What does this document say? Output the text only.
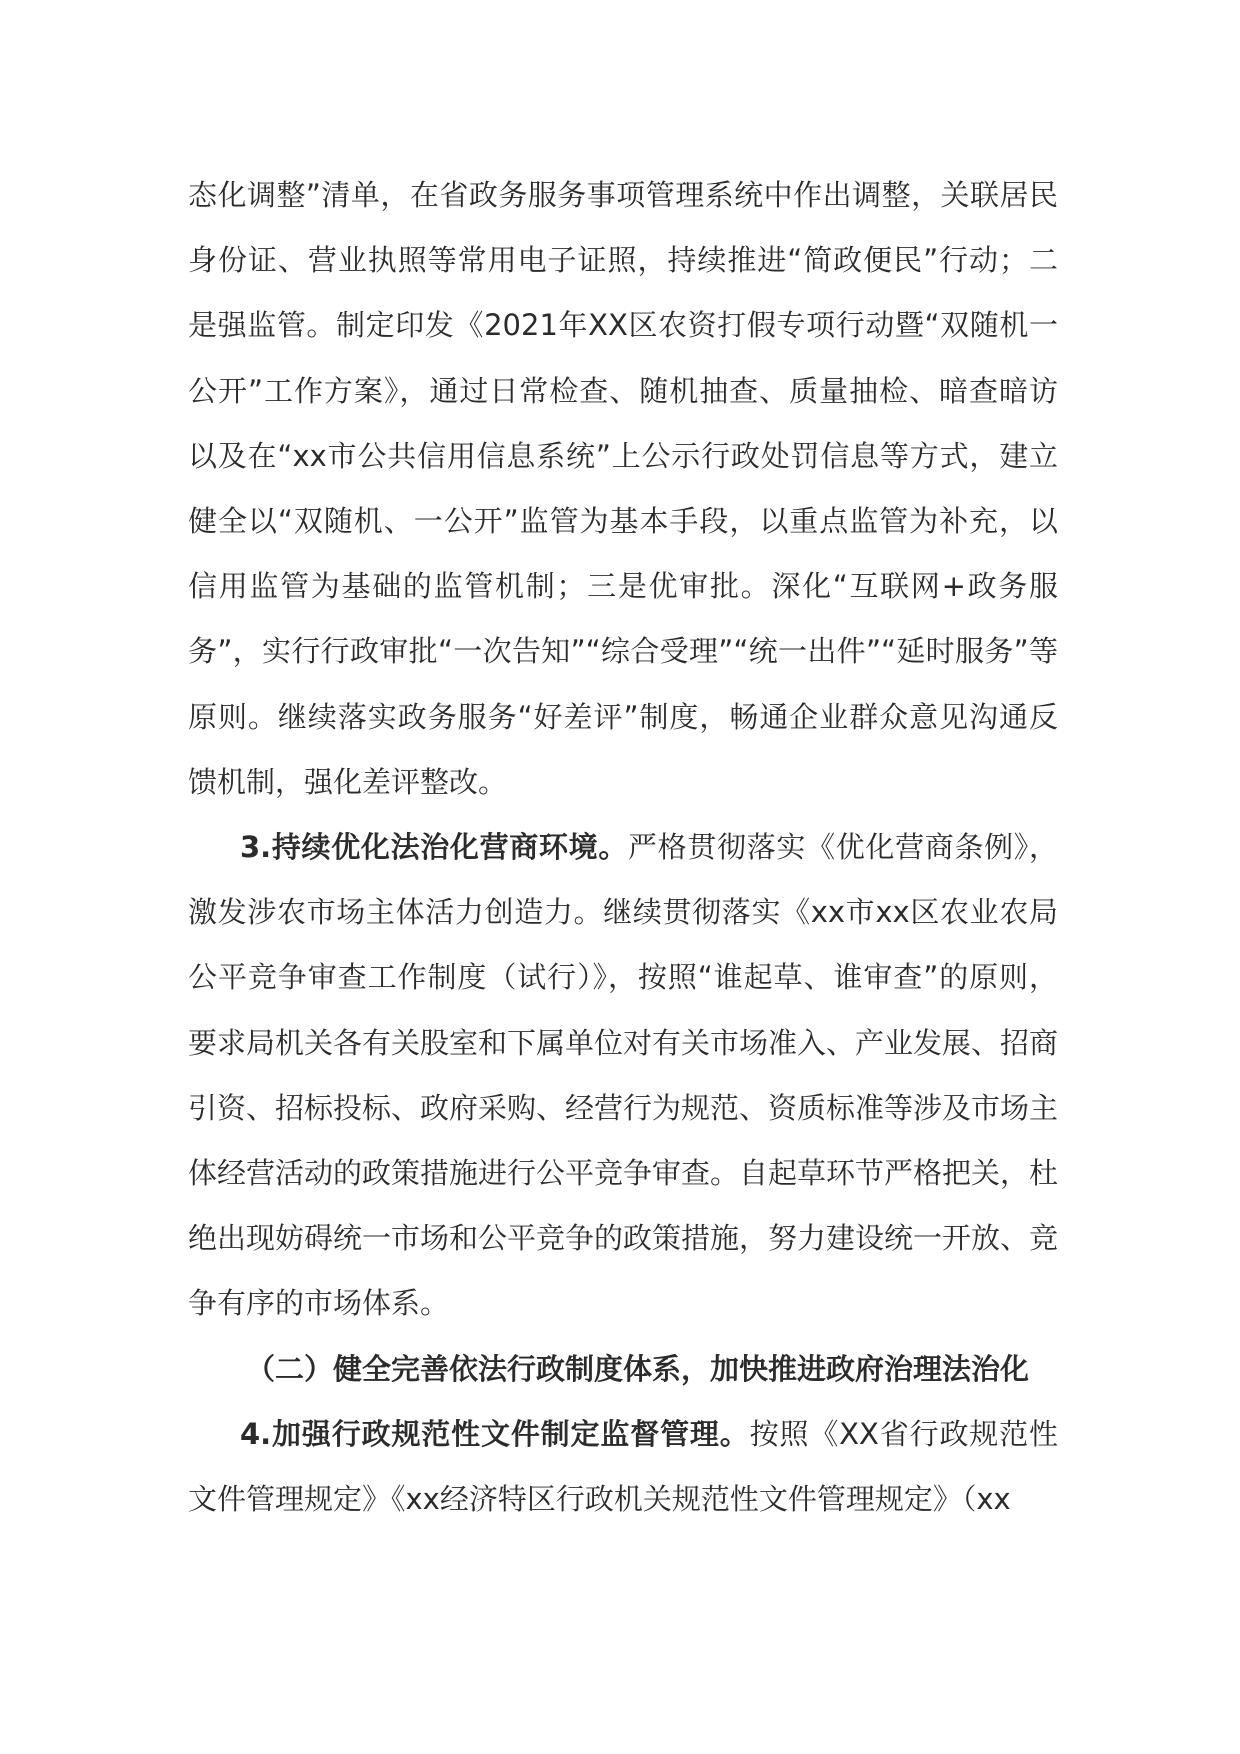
态化调整”清单，在省政务服务事项管理系统中作出调整，关联居民身份证、营业执照等常用电子证照，持续推进“简政便民”行动；二是强监管。制定印发《2021年XX区农资打假专项行动暨“双随机一公开”工作方案》，通过日常检查、随机抽查、质量抽检、暗查暗访以及在“xx市公共信用信息系统”上公示行政处罚信息等方式，建立健全以“双随机、一公开”监管为基本手段，以重点监管为补充，以信用监管为基础的监管机制；三是优审批。深化“互联网+政务服务”，实行行政审批“一次告知”“综合受理”“统一出件”“延时服务”等原则。继续落实政务服务“好差评”制度，畅通企业群众意见沟通反馈机制，强化差评整改。

3.持续优化法治化营商环境。严格贯彻落实《优化营商条例》，激发涉农市场主体活力创造力。继续贯彻落实《xx市xx区农业农局公平竞争审查工作制度（试行）》，按照“谁起草、谁审查”的原则，要求局机关各有关股室和下属单位对有关市场准入、产业发展、招商引资、招标投标、政府采购、经营行为规范、资质标准等涉及市场主体经营活动的政策措施进行公平竞争审查。自起草环节严格把关，杜绝出现妨碍统一市场和公平竞争的政策措施，努力建设统一开放、竞争有序的市场体系。

（二）健全完善依法行政制度体系，加快推进政府治理法治化

4.加强行政规范性文件制定监督管理。按照《XX省行政规范性文件管理规定》《xx经济特区行政机关规范性文件管理规定》（xx
